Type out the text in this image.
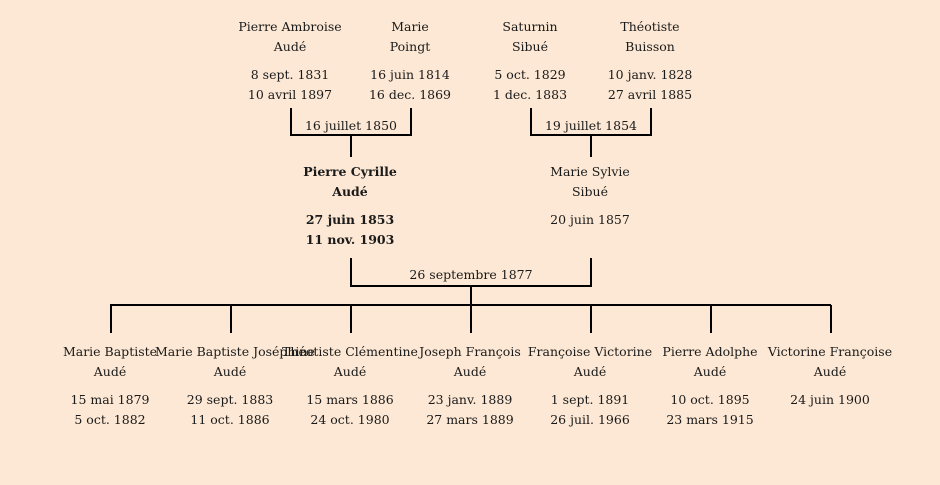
Pierre Ambroise
Audé
8 sept. 1831
10 avril 1897
Marie
Poingt
16 juin 1814
16 dec. 1869
Saturnin
Sibué
5 oct. 1829
1 dec. 1883
Théotiste
Buisson
10 janv. 1828
27 avril 1885
16 juillet 1850	19 juillet 1854
Pierre Cyrille
Audé
27 juin 1853
11 nov. 1903
Marie Sylvie
Sibué
20 juin 1857
26 septembre 1877
Marie Baptiste
Audé
15 mai 1879
5 oct. 1882
Marie Baptiste Joséphine
Audé
29 sept. 1883
11 oct. 1886
Théotiste Clémentine
Audé
15 mars 1886
24 oct. 1980
Joseph François
Audé
23 janv. 1889
27 mars 1889
Françoise Victorine
Audé
1 sept. 1891
26 juil. 1966
Pierre Adolphe
Audé
10 oct. 1895
23 mars 1915
Victorine Françoise
Audé
24 juin 1900
